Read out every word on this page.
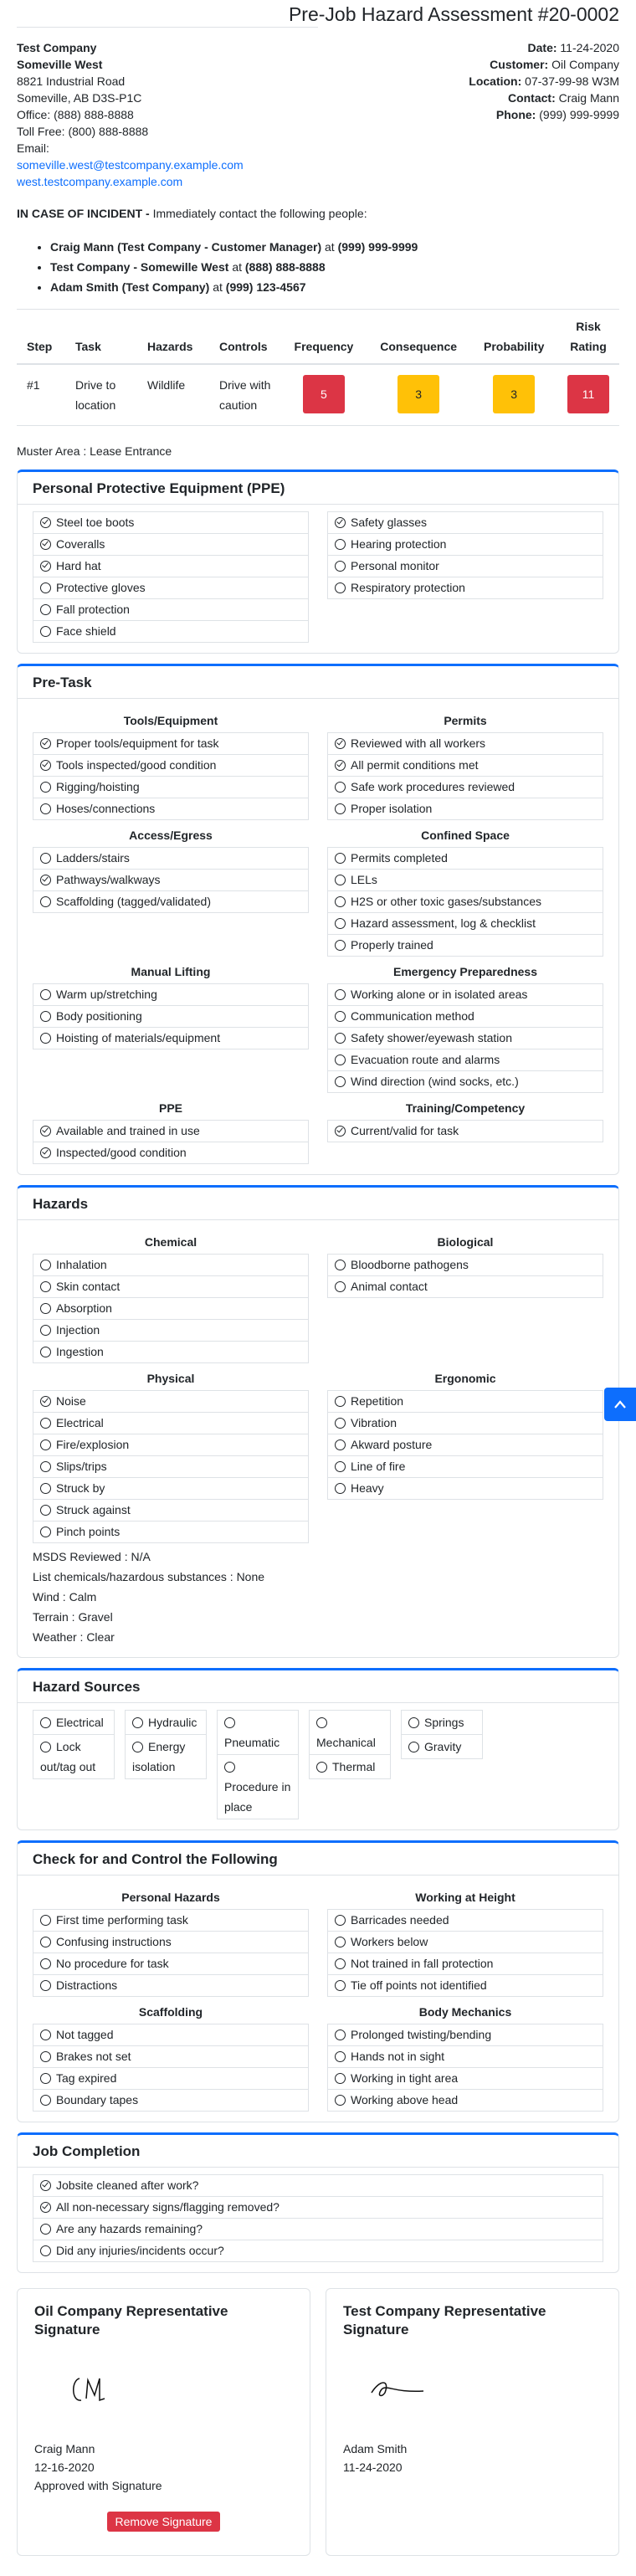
Pre-Job Hazard Assessment #20-0002
Test Company
Someville West
8821 Industrial Road
Someville, AB D3S-P1C
Office: (888) 888-8888
Toll Free: (800) 888-8888
Email:
someville.west@testcompany.example.com
west.testcompany.example.com
Date: 11-24-2020
Customer: Oil Company
Location: 07-37-99-98 W3M
Contact: Craig Mann
Phone: (999) 999-9999
IN CASE OF INCIDENT - Immediately contact the following people:
• Craig Mann (Test Company - Customer Manager) at (999) 999-9999
• Test Company - Somewille West at (888) 888-8888
• Adam Smith (Test Company) at (999) 123-4567
Step	Task	Hazards	Controls	Frequency	Consequence	Probability	Risk Rating
#1	Drive to location	Wildlife	Drive with caution	5	3	3	11
Muster Area : Lease Entrance
Personal Protective Equipment (PPE)
Steel toe boots
Coveralls
Hard hat
Protective gloves
Fall protection
Face shield
Safety glasses
Hearing protection
Personal monitor
Respiratory protection
Pre-Task
Tools/Equipment
Proper tools/equipment for task
Tools inspected/good condition
Rigging/hoisting
Hoses/connections
Permits
Reviewed with all workers
All permit conditions met
Safe work procedures reviewed
Proper isolation
Access/Egress
Ladders/stairs
Pathways/walkways
Scaffolding (tagged/validated)
Confined Space
Permits completed
LELs
H2S or other toxic gases/substances
Hazard assessment, log & checklist
Properly trained
Manual Lifting
Warm up/stretching
Body positioning
Hoisting of materials/equipment
Emergency Preparedness
Working alone or in isolated areas
Communication method
Safety shower/eyewash station
Evacuation route and alarms
Wind direction (wind socks, etc.)
PPE
Available and trained in use
Inspected/good condition
Training/Competency
Current/valid for task
Hazards
Chemical
Inhalation
Skin contact
Absorption
Injection
Ingestion
Biological
Bloodborne pathogens
Animal contact
Physical
Noise
Electrical
Fire/explosion
Slips/trips
Struck by
Struck against
Pinch points
Ergonomic
Repetition
Vibration
Akward posture
Line of fire
Heavy
MSDS Reviewed : N/A
List chemicals/hazardous substances : None
Wind : Calm
Terrain : Gravel
Weather : Clear
Hazard Sources
Electrical
Lock out/tag out
Hydraulic
Energy isolation
Pneumatic
Procedure in place
Mechanical
Thermal
Springs
Gravity
Check for and Control the Following
Personal Hazards
First time performing task
Confusing instructions
No procedure for task
Distractions
Working at Height
Barricades needed
Workers below
Not trained in fall protection
Tie off points not identified
Scaffolding
Not tagged
Brakes not set
Tag expired
Boundary tapes
Body Mechanics
Prolonged twisting/bending
Hands not in sight
Working in tight area
Working above head
Job Completion
Jobsite cleaned after work?
All non-necessary signs/flagging removed?
Are any hazards remaining?
Did any injuries/incidents occur?
Oil Company Representative Signature
Craig Mann
12-16-2020
Approved with Signature
Remove Signature
Test Company Representative Signature
Adam Smith
11-24-2020
